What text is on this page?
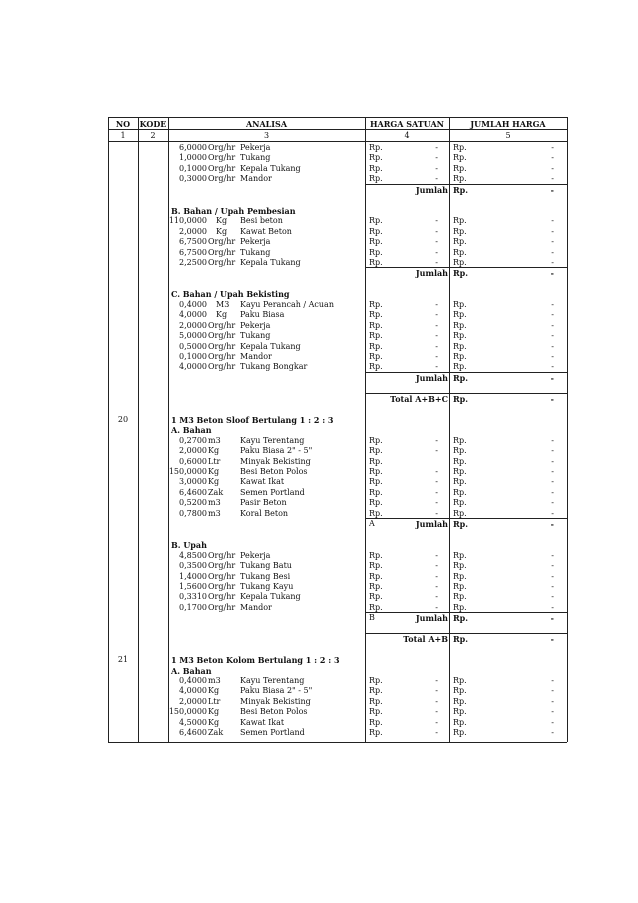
NO	KODE	ANALISA	HARGA SATUAN	JUMLAH HARGA
1	2	3	4	5
6,0000 Org/hr Pekerja	Rp.	- Rp.	-
1,0000 Org/hr Tukang	Rp.	- Rp.	-
0,1000 Org/hr Kepala Tukang	Rp.	- Rp.	-
0,3000 Org/hr Mandor	Rp.	- Rp.	-
Jumlah Rp.	-
B. Bahan / Upah Pembesian
110,0000 Kg Besi beton	Rp.	- Rp.	-
2,0000 Kg Kawat Beton	Rp.	- Rp.	-
6,7500 Org/hr Pekerja	Rp.	- Rp.	-
6,7500 Org/hr Tukang	Rp.	- Rp.	-
2,2500 Org/hr Kepala Tukang	Rp.	- Rp.	-
Jumlah Rp.	-
C. Bahan / Upah Bekisting
0,4000 M3 Kayu Perancah / Acuan	Rp.	- Rp.	-
4,0000 Kg Paku Biasa	Rp.	- Rp.	-
2,0000 Org/hr Pekerja	Rp.	- Rp.	-
5,0000 Org/hr Tukang	Rp.	- Rp.	-
0,5000 Org/hr Kepala Tukang	Rp.	- Rp.	-
0,1000 Org/hr Mandor	Rp.	- Rp.	-
4,0000 Org/hr Tukang Bongkar	Rp.	- Rp.	-
Jumlah Rp.	-
Total A+B+C Rp.	-
20	1 M3 Beton Sloof Bertulang 1 : 2 : 3
A. Bahan
0,2700 m3 Kayu Terentang	Rp.	- Rp.	-
2,0000 Kg	Paku Biasa 2" - 5"	Rp.	- Rp.	-
0,6000 Ltr Minyak Bekisting	Rp.	Rp.	-
150,0000 Kg	Besi Beton Polos	Rp.	- Rp.	-
3,0000 Kg	Kawat Ikat	Rp.	- Rp.	-
6,4600 Zak Semen Portland	Rp.	- Rp.	-
0,5200 m3 Pasir Beton	Rp.	- Rp.	-
0,7800 m3 Koral Beton	Rp.	- Rp.	-
A	Jumlah Rp.	-
B. Upah
4,8500 Org/hr Pekerja	Rp.	- Rp.	-
0,3500 Org/hr Tukang Batu	Rp.	- Rp.	-
1,4000 Org/hr Tukang Besi	Rp.	- Rp.	-
1,5600 Org/hr Tukang Kayu	Rp.	- Rp.	-
0,3310 Org/hr Kepala Tukang	Rp.	- Rp.	-
0,1700 Org/hr Mandor	Rp.	- Rp.	-
B	Jumlah Rp.	-
Total A+B Rp.	-
21	1 M3 Beton Kolom Bertulang 1 : 2 : 3
A. Bahan
0,4000 m3 Kayu Terentang	Rp.	- Rp.	-
4,0000 Kg	Paku Biasa 2" - 5"	Rp.	- Rp.	-
2,0000 Ltr Minyak Bekisting	Rp.	- Rp.	-
150,0000 Kg	Besi Beton Polos	Rp.	- Rp.	-
4,5000 Kg	Kawat Ikat	Rp.	- Rp.	-
6,4600 Zak Semen Portland	Rp.	- Rp.	-
